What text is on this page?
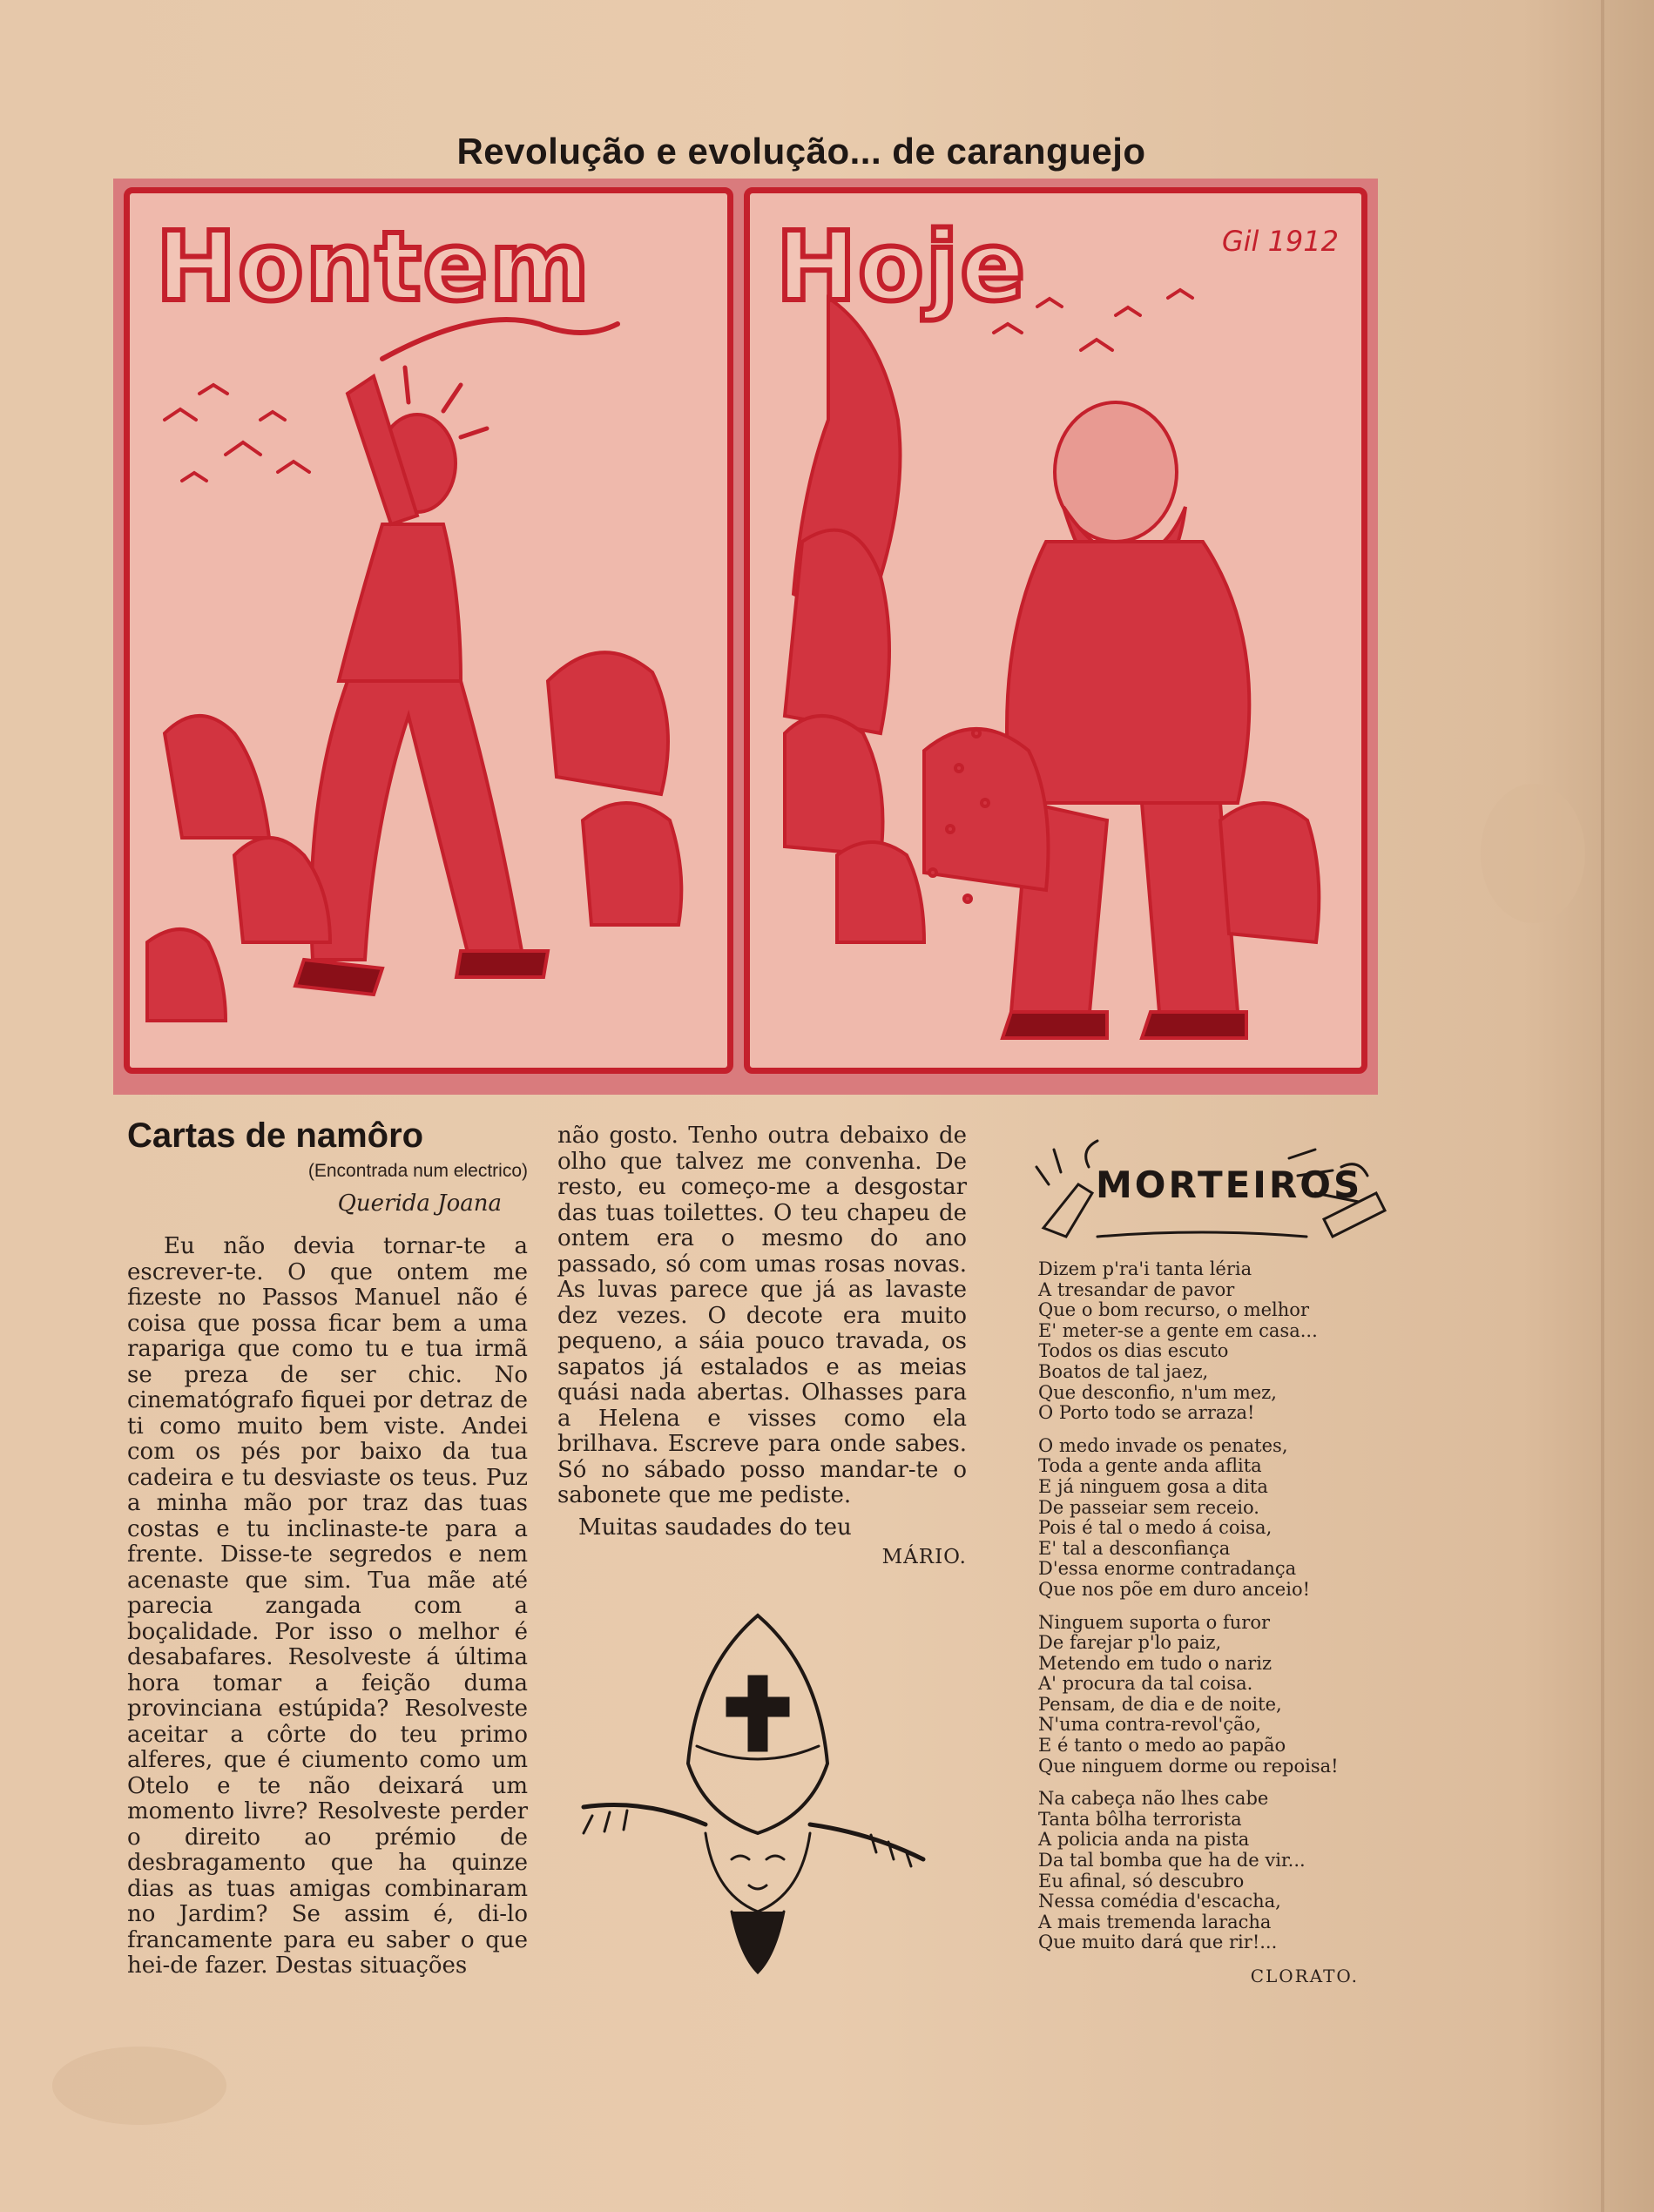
Revolução e evolução... de caranguejo
Hontem Hoje	Gil 1912
Cartas de namôro
(Encontrada num electrico)
Querida Joana

Eu não devia tornar-te a escrever-te. O que ontem me fizeste no Passos Manuel não é coisa que possa ficar bem a uma rapariga que como tu e tua irmã se preza de ser chic. No cinematógrafo fiquei por detraz de ti como muito bem viste. Andei com os pés por baixo da tua cadeira e tu desviaste os teus. Puz a minha mão por traz das tuas costas e tu inclinaste-te para a frente. Disse-te segredos e nem acenaste que sim. Tua mãe até parecia zangada com a boçalidade. Por isso o melhor é desabafares. Resolveste á última hora tomar a feição duma provinciana estúpida? Resolveste aceitar a côrte do teu primo alferes, que é ciumento como um Otelo e te não deixará um momento livre? Resolveste perder o direito ao prémio de desbragamento que ha quinze dias as tuas amigas combinaram no Jardim? Se assim é, di-lo francamente para eu saber o que hei-de fazer. Destas situações

não gosto. Tenho outra debaixo de olho que talvez me convenha. De resto, eu começo-me a desgostar das tuas toilettes. O teu chapeu de ontem era o mesmo do ano passado, só com umas rosas novas. As luvas parece que já as lavaste dez vezes. O decote era muito pequeno, a sáia pouco travada, os sapatos já estalados e as meias quási nada abertas. Olhasses para a Helena e visses como ela brilhava. Escreve para onde sabes. Só no sábado posso mandar-te o sabonete que me pediste.

Muitas saudades do teu
MÁRIO.
MORTEIROS
Dizem p'ra'i tanta léria
A tresandar de pavor
Que o bom recurso, o melhor
E' meter-se a gente em casa...
Todos os dias escuto
Boatos de tal jaez,
Que desconfio, n'um mez,
O Porto todo se arraza!
O medo invade os penates,
Toda a gente anda aflita
E já ninguem gosa a dita
De passeiar sem receio.
Pois é tal o medo á coisa,
E' tal a desconfiança
D'essa enorme contradança
Que nos põe em duro anceio!
Ninguem suporta o furor
De farejar p'lo paiz,
Metendo em tudo o nariz
A' procura da tal coisa.
Pensam, de dia e de noite,
N'uma contra-revol'ção,
E é tanto o medo ao papão
Que ninguem dorme ou repoisa!
Na cabeça não lhes cabe
Tanta bôlha terrorista
A policia anda na pista
Da tal bomba que ha de vir...
Eu afinal, só descubro
Nessa comédia d'escacha,
A mais tremenda laracha
Que muito dará que rir!...
CLORATO.
